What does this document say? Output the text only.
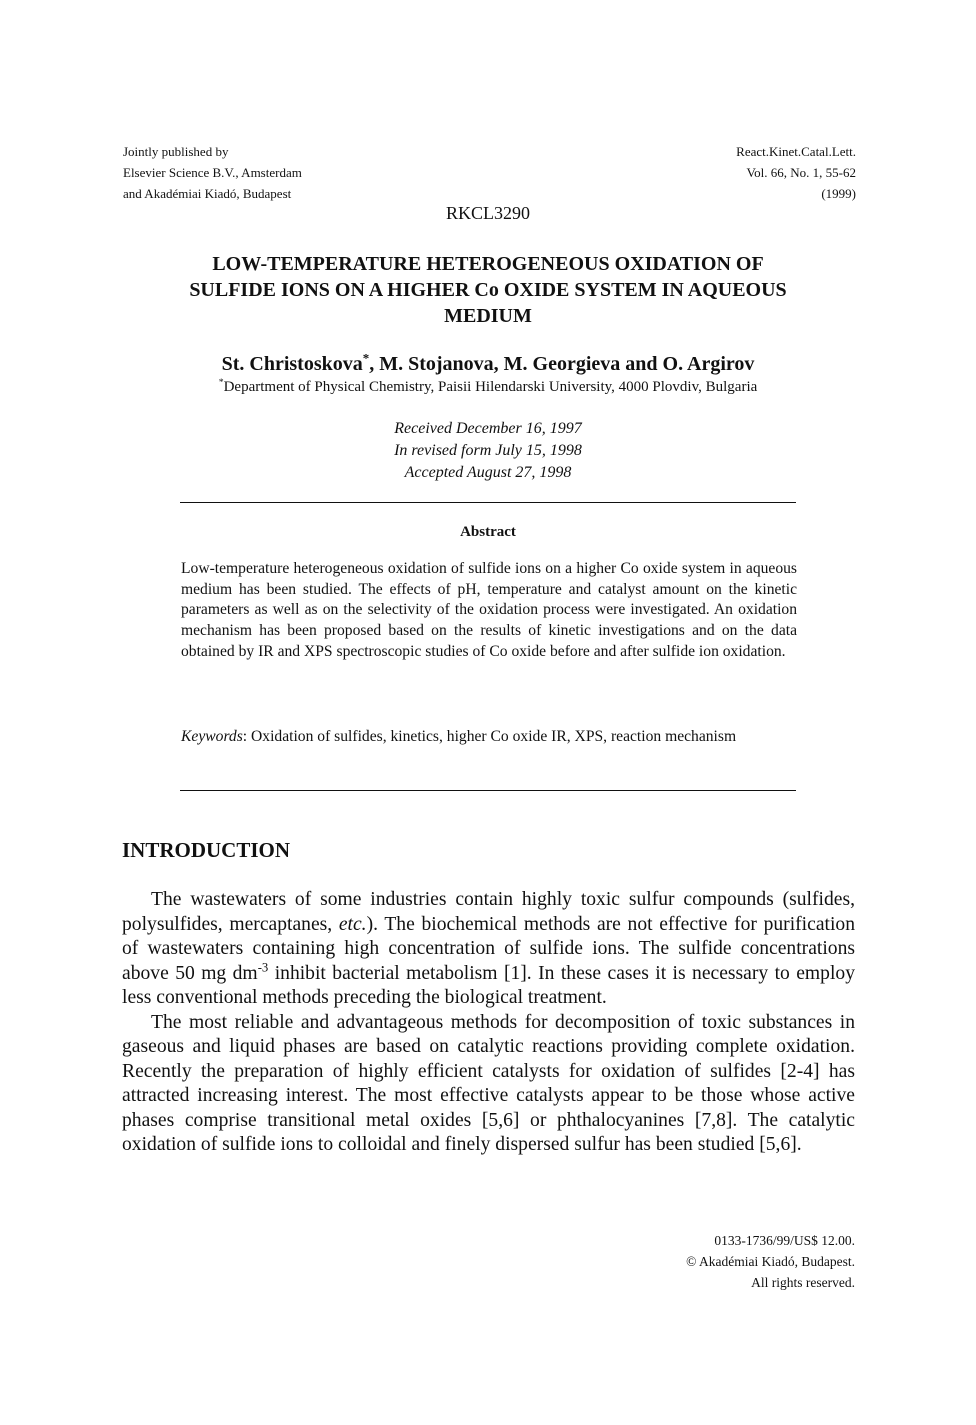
Jointly published by
Elsevier Science B.V., Amsterdam
and Akadémiai Kiadó, Budapest
React.Kinet.Catal.Lett.
Vol. 66, No. 1, 55-62
(1999)
RKCL3290
LOW-TEMPERATURE HETEROGENEOUS OXIDATION OF
SULFIDE IONS ON A HIGHER Co OXIDE SYSTEM IN AQUEOUS
MEDIUM
St. Christoskova*, M. Stojanova, M. Georgieva and O. Argirov
*Department of Physical Chemistry, Paisii Hilendarski University, 4000 Plovdiv, Bulgaria
Received December 16, 1997
In revised form July 15, 1998
Accepted August 27, 1998
Abstract
Low-temperature heterogeneous oxidation of sulfide ions on a higher Co oxide system in aqueous medium has been studied. The effects of pH, temperature and catalyst amount on the kinetic parameters as well as on the selectivity of the oxidation process were investigated. An oxidation mechanism has been proposed based on the results of kinetic investigations and on the data obtained by IR and XPS spectroscopic studies of Co oxide before and after sulfide ion oxidation.
Keywords: Oxidation of sulfides, kinetics, higher Co oxide IR, XPS, reaction mechanism
INTRODUCTION

The wastewaters of some industries contain highly toxic sulfur compounds (sulfides, polysulfides, mercaptanes, etc.). The biochemical methods are not effective for purification of wastewaters containing high concentration of sulfide ions. The sulfide concentrations above 50 mg $dm^{-3}$ inhibit bacterial metabolism [1]. In these cases it is necessary to employ less conventional methods preceding the biological treatment.

The most reliable and advantageous methods for decomposition of toxic substances in gaseous and liquid phases are based on catalytic reactions providing complete oxidation. Recently the preparation of highly efficient catalysts for oxidation of sulfides [2-4] has attracted increasing interest. The most effective catalysts appear to be those whose active phases comprise transitional metal oxides [5,6] or phthalocyanines [7,8]. The catalytic oxidation of sulfide ions to colloidal and finely dispersed sulfur has been studied [5,6].

0133-1736/99/US$ 12.00.
© Akadémiai Kiadó, Budapest.
All rights reserved.
